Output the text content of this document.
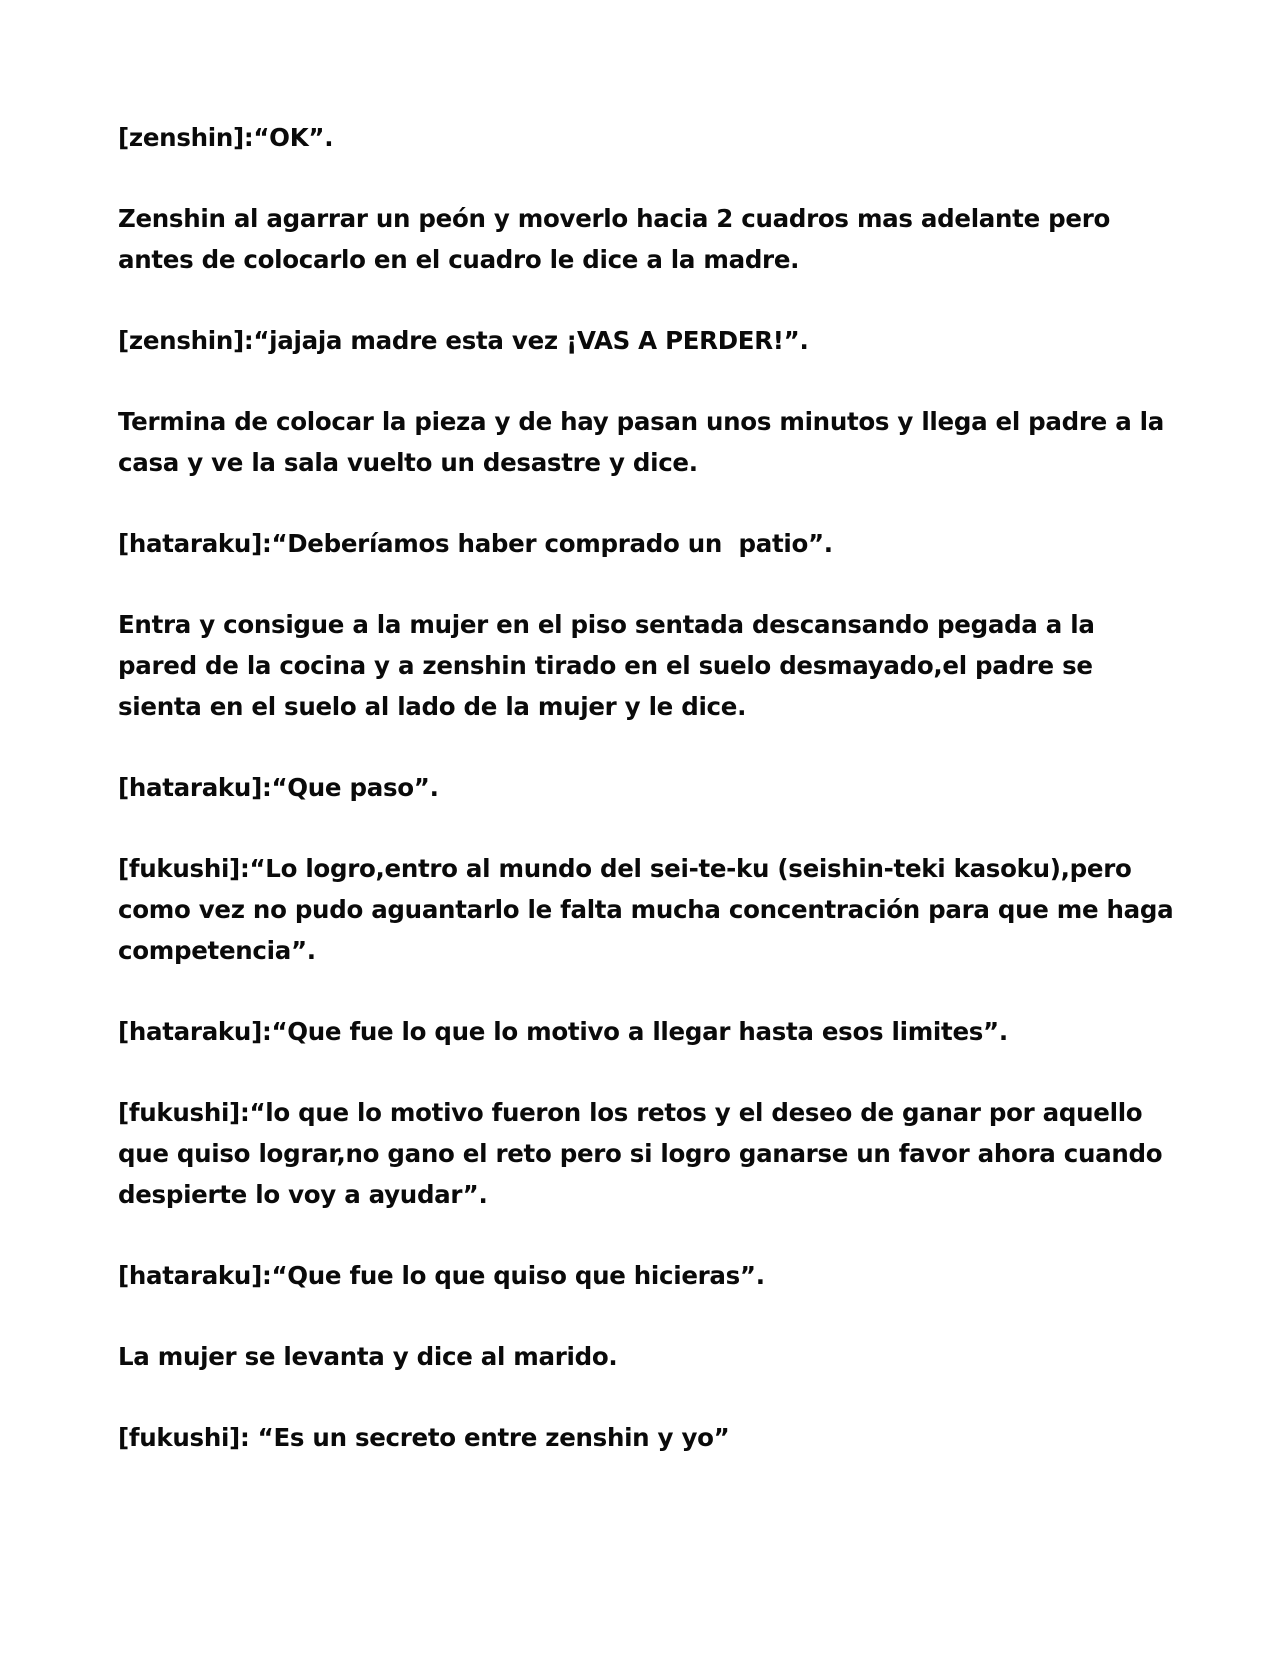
[zenshin]:“OK”.

Zenshin al agarrar un peón y moverlo hacia 2 cuadros mas adelante pero antes de colocarlo en el cuadro le dice a la madre.

[zenshin]:“jajaja madre esta vez ¡VAS A PERDER!”.

Termina de colocar la pieza y de hay pasan unos minutos y llega el padre a la casa y ve la sala vuelto un desastre y dice.

[hataraku]:“Deberíamos haber comprado un  patio”.

Entra y consigue a la mujer en el piso sentada descansando pegada a la pared de la cocina y a zenshin tirado en el suelo desmayado,el padre se sienta en el suelo al lado de la mujer y le dice.

[hataraku]:“Que paso”.

[fukushi]:“Lo logro,entro al mundo del sei-te-ku (seishin-teki kasoku),pero como vez no pudo aguantarlo le falta mucha concentración para que me haga competencia”.

[hataraku]:“Que fue lo que lo motivo a llegar hasta esos limites”.

[fukushi]:“lo que lo motivo fueron los retos y el deseo de ganar por aquello que quiso lograr,no gano el reto pero si logro ganarse un favor ahora cuando despierte lo voy a ayudar”.

[hataraku]:“Que fue lo que quiso que hicieras”.

La mujer se levanta y dice al marido.

[fukushi]: “Es un secreto entre zenshin y yo”
